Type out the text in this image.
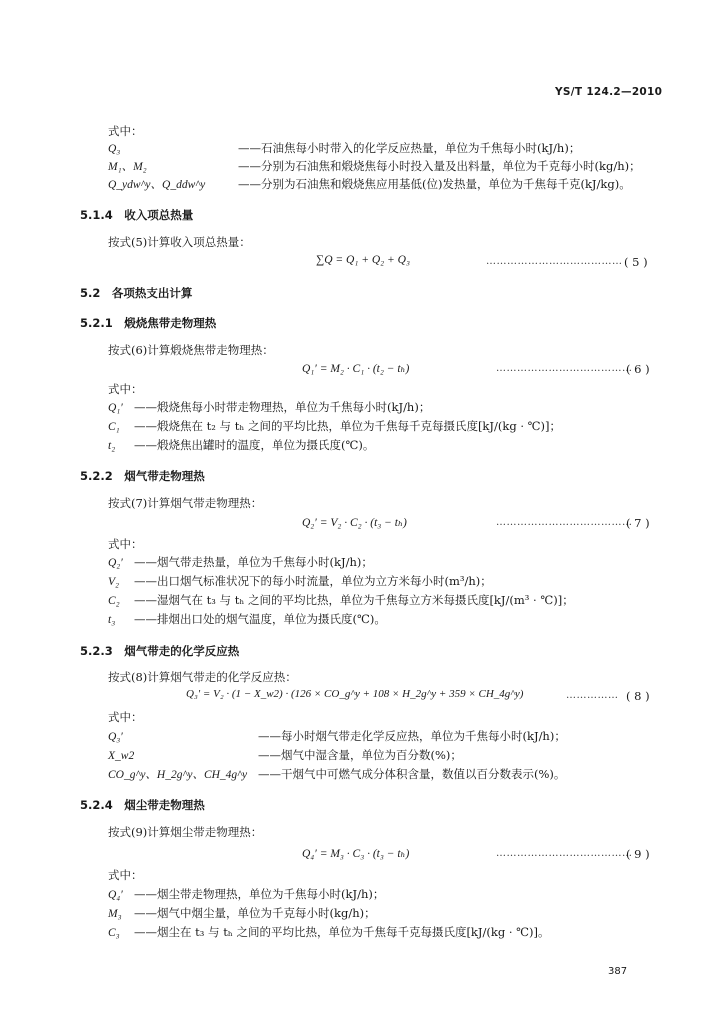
YS/T 124.2—2010
式中：
Q₃	——石油焦每小时带入的化学反应热量，单位为千焦每小时(kJ/h)；
M₁、M₂	——分别为石油焦和煅烧焦每小时投入量及出料量，单位为千克每小时(kg/h)；
Q_ydw^y、Q_ddw^y	——分别为石油焦和煅烧焦应用基低(位)发热量，单位为千焦每千克(kJ/kg)。
5.1.4　收入项总热量
按式(5)计算收入项总热量：
∑Q = Q₁ + Q₂ + Q₃	………………………………… ( 5 )
5.2　各项热支出计算
5.2.1　煅烧焦带走物理热
按式(6)计算煅烧焦带走物理热：
Q₁′ = M₂ · C₁ · (t₂ − tₕ)	…………………………………
( 6 )
式中：
Q₁′ ——煅烧焦每小时带走物理热，单位为千焦每小时(kJ/h)；
C₁ ——煅烧焦在 t₂ 与 tₕ 之间的平均比热，单位为千焦每千克每摄氏度[kJ/(kg · ℃)]；
t₂ ——煅烧焦出罐时的温度，单位为摄氏度(℃)。
5.2.2　烟气带走物理热
按式(7)计算烟气带走物理热：
Q₂′ = V₂ · C₂ · (t₃ − tₕ)	…………………………………
( 7 )
式中：
Q₂′ ——烟气带走热量，单位为千焦每小时(kJ/h)；
V₂ ——出口烟气标准状况下的每小时流量，单位为立方米每小时(m³/h)；
C₂ ——湿烟气在 t₃ 与 tₕ 之间的平均比热，单位为千焦每立方米每摄氏度[kJ/(m³ · ℃)]；
t₃ ——排烟出口处的烟气温度，单位为摄氏度(℃)。
5.2.3　烟气带走的化学反应热
按式(8)计算烟气带走的化学反应热：
Q₃′ = V₂ · (1 − X_w2) · (126 × CO_g^y + 108 × H_2g^y + 359 × CH_4g^y)	…………… ( 8 )
式中：
Q₃′	——每小时烟气带走化学反应热，单位为千焦每小时(kJ/h)；
X_w2	——烟气中湿含量，单位为百分数(%)；
CO_g^y、H_2g^y、CH_4g^y ——干烟气中可燃气成分体积含量，数值以百分数表示(%)。
5.2.4　烟尘带走物理热
按式(9)计算烟尘带走物理热：
Q₄′ = M₃ · C₃ · (t₃ − tₕ)	…………………………………
( 9 )
式中：
Q₄′ ——烟尘带走物理热，单位为千焦每小时(kJ/h)；
M₃ ——烟气中烟尘量，单位为千克每小时(kg/h)；
C₃ ——烟尘在 t₃ 与 tₕ 之间的平均比热，单位为千焦每千克每摄氏度[kJ/(kg · ℃)]。
387
